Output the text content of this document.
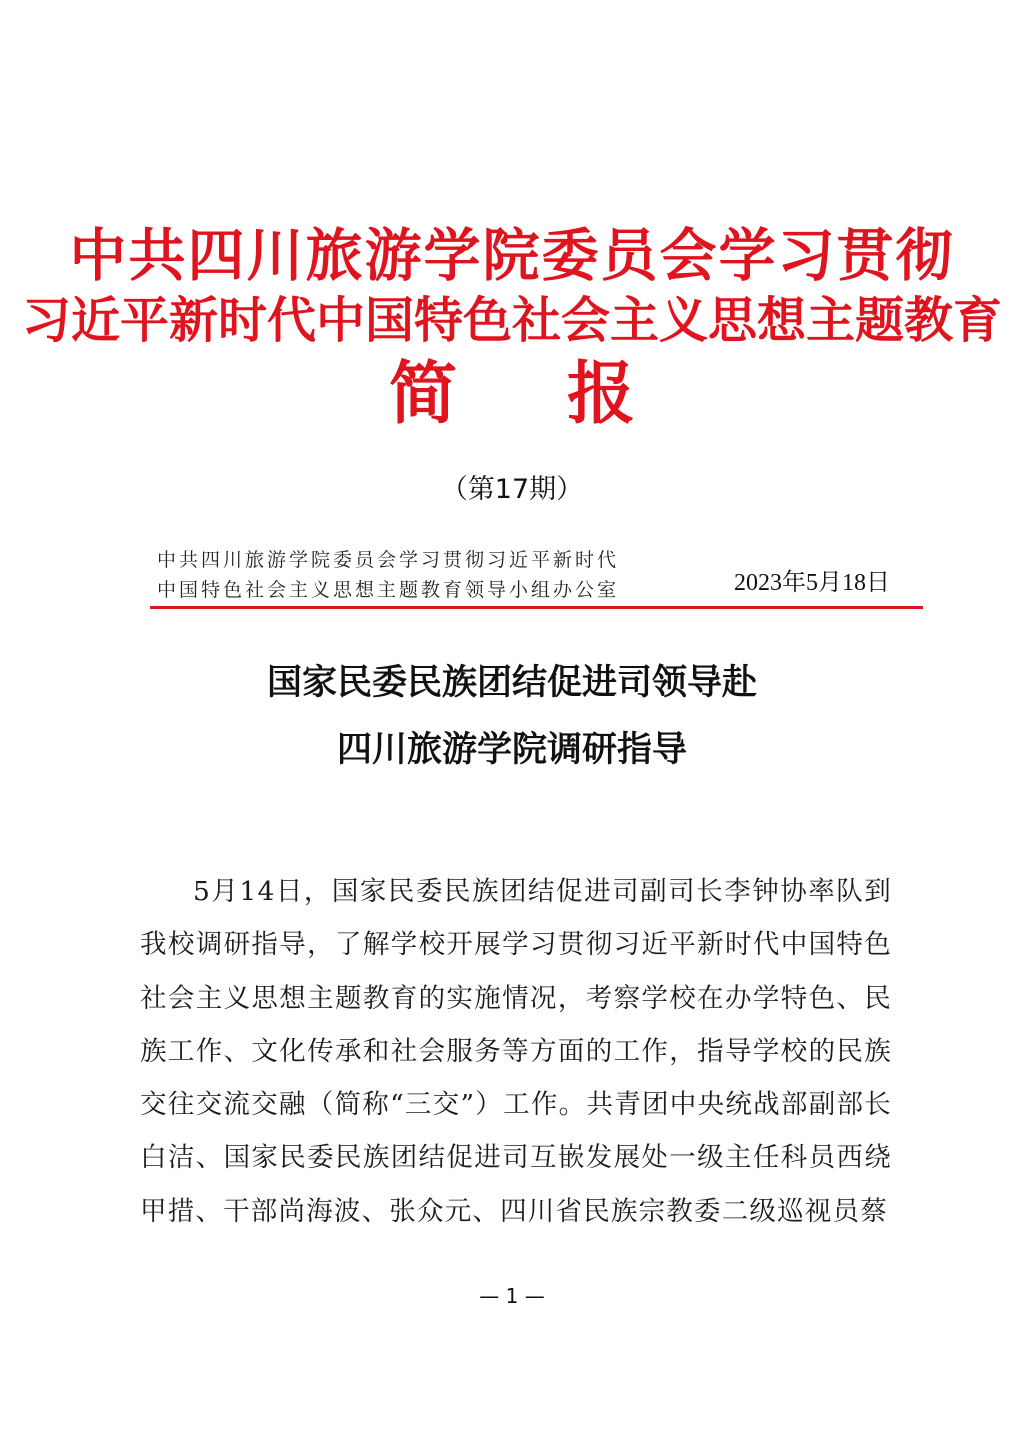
中共四川旅游学院委员会学习贯彻
习近平新时代中国特色社会主义思想主题教育
简 报
（第17期）
中共四川旅游学院委员会学习贯彻习近平新时代
中国特色社会主义思想主题教育领导小组办公室	2023年5月18日
国家民委民族团结促进司领导赴
四川旅游学院调研指导

5月14日，国家民委民族团结促进司副司长李钟协率队到我校调研指导，了解学校开展学习贯彻习近平新时代中国特色社会主义思想主题教育的实施情况，考察学校在办学特色、民族工作、文化传承和社会服务等方面的工作，指导学校的民族交往交流交融（简称“三交”）工作。共青团中央统战部副部长白洁、国家民委民族团结促进司互嵌发展处一级主任科员西绕甲措、干部尚海波、张众元、四川省民族宗教委二级巡视员蔡

— 1 —
